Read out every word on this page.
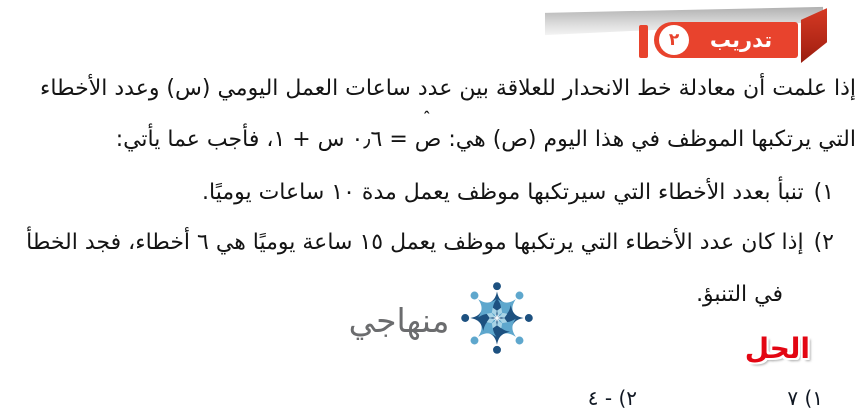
٢	تدريب
إذا علمت أن معادلة خط الانحدار للعلاقة بين عدد ساعات العمل اليومي (س) وعدد الأخطاء
التي يرتكبها الموظف في هذا اليوم (ص) هي: ص
ˆ
= ٠٫٦ س + ١، فأجب عما يأتي:
١)تنبأ بعدد الأخطاء التي سيرتكبها موظف يعمل مدة ١٠ ساعات يوميًا.
٢)إذا كان عدد الأخطاء التي يرتكبها موظف يعمل ١٥ ساعة يوميًا هي ٦ أخطاء، فجد الخطأ
في التنبؤ.
الحل
١) ٧
٢) - ٤
منهاجي
